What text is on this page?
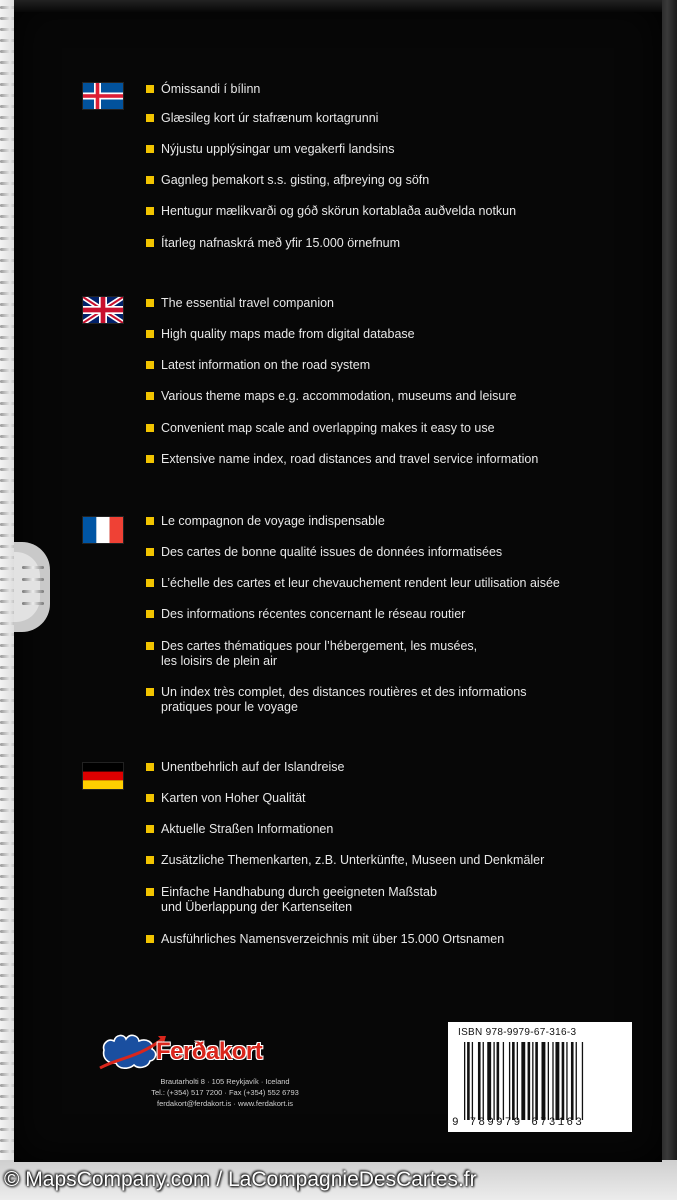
Ómissandi í bílinn
Glæsileg kort úr stafrænum kortagrunni
Nýjustu upplýsingar um vegakerfi landsins
Gagnleg þemakort s.s. gisting, afþreying og söfn
Hentugur mælikvarði og góð skörun kortablaða auðvelda notkun
Ítarleg nafnaskrá með yfir 15.000 örnefnum
The essential travel companion
High quality maps made from digital database
Latest information on the road system
Various theme maps e.g. accommodation, museums and leisure
Convenient map scale and overlapping makes it easy to use
Extensive name index, road distances and travel service information
Le compagnon de voyage indispensable
Des cartes de bonne qualité issues de données informatisées
L’échelle des cartes et leur chevauchement rendent leur utilisation aisée
Des informations récentes concernant le réseau routier
Des cartes thématiques pour l’hébergement, les musées,
les loisirs de plein air
Un index très complet, des distances routières et des informations
pratiques pour le voyage
Unentbehrlich auf der Islandreise
Karten von Hoher Qualität
Aktuelle Straßen Informationen
Zusätzliche Themenkarten, z.B. Unterkünfte, Museen und Denkmäler
Einfache Handhabung durch geeigneten Maßstab
und Überlappung der Kartenseiten
Ausführliches Namensverzeichnis mit über 15.000 Ortsnamen
Ferðakort
Brautarholti 8 · 105 Reykjavík · Iceland
Tel.: (+354) 517 7200 · Fax (+354) 552 6793
ferdakort@ferdakort.is · www.ferdakort.is
ISBN 978-9979-67-316-3
9 789979 673163
© MapsCompany.com / LaCompagnieDesCartes.fr
